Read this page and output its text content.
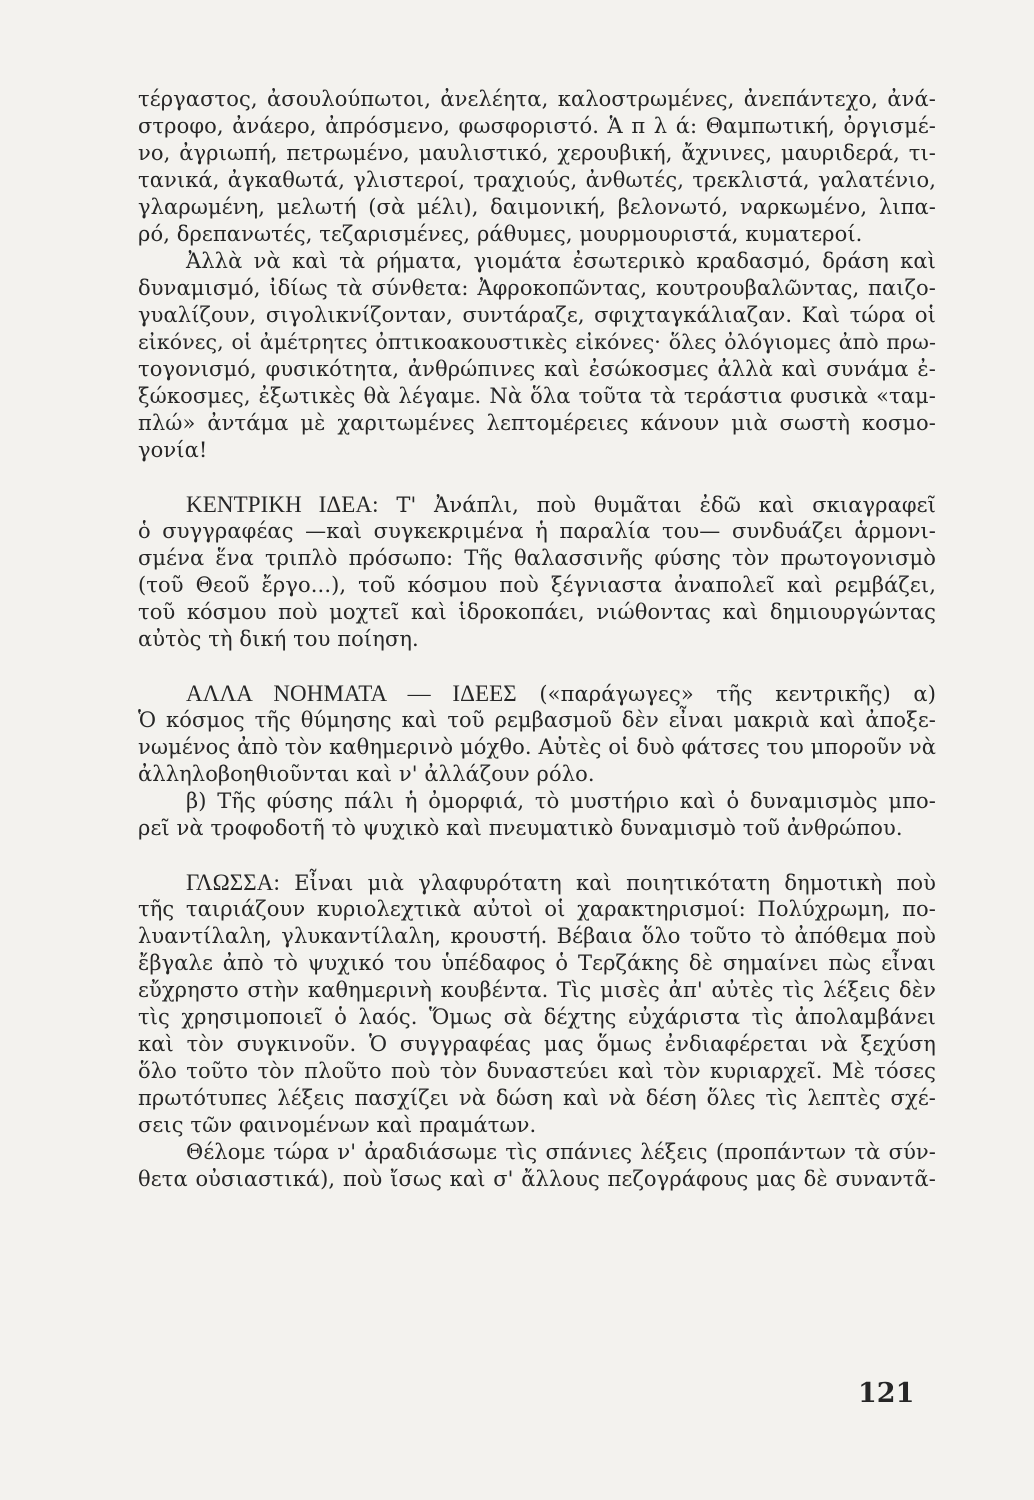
τέργαστος, ἀσουλούπωτοι, ἀνελέητα, καλοστρωμένες, ἀνεπάντεχο, ἀνά-
στροφο, ἀνάερο, ἀπρόσμενο, φωσφοριστό. Ἁ π λ ά: Θαμπωτική, ὀργισμέ-
νο, ἀγριωπή, πετρωμένο, μαυλιστικό, χερουβική, ἄχνινες, μαυριδερά, τι-
τανικά, ἀγκαθωτά, γλιστεροί, τραχιούς, ἀνθωτές, τρεκλιστά, γαλατένιο,
γλαρωμένη, μελωτή (σὰ μέλι), δαιμονική, βελονωτό, ναρκωμένο, λιπα-
ρό, δρεπανωτές, τεζαρισμένες, ράθυμες, μουρμουριστά, κυματεροί.
Ἀλλὰ νὰ καὶ τὰ ρήματα, γιομάτα ἐσωτερικὸ κραδασμό, δράση καὶ
δυναμισμό, ἰδίως τὰ σύνθετα: Ἀφροκοπῶντας, κουτρουβαλῶντας, παιζο-
γυαλίζουν, σιγολικνίζονταν, συντάραζε, σφιχταγκάλιαζαν. Καὶ τώρα οἱ
εἰκόνες, οἱ ἀμέτρητες ὀπτικοακουστικὲς εἰκόνες· ὅλες ὀλόγιομες ἀπὸ πρω-
τογονισμό, φυσικότητα, ἀνθρώπινες καὶ ἐσώκοσμες ἀλλὰ καὶ συνάμα ἐ-
ξώκοσμες, ἐξωτικὲς θὰ λέγαμε. Νὰ ὅλα τοῦτα τὰ τεράστια φυσικὰ «ταμ-
πλώ» ἀντάμα μὲ χαριτωμένες λεπτομέρειες κάνουν μιὰ σωστὴ κοσμο-
γονία!
ΚΕΝΤΡΙΚΗ ΙΔΕΑ: Τ' Ἀνάπλι, ποὺ θυμᾶται ἐδῶ καὶ σκιαγραφεῖ
ὁ συγγραφέας —καὶ συγκεκριμένα ἡ παραλία του— συνδυάζει ἁρμονι-
σμένα ἕνα τριπλὸ πρόσωπο: Τῆς θαλασσινῆς φύσης τὸν πρωτογονισμὸ
(τοῦ Θεοῦ ἔργο...), τοῦ κόσμου ποὺ ξέγνιαστα ἀναπολεῖ καὶ ρεμβάζει,
τοῦ κόσμου ποὺ μοχτεῖ καὶ ἱδροκοπάει, νιώθοντας καὶ δημιουργώντας
αὐτὸς τὴ δική του ποίηση.
ΑΛΛΑ ΝΟΗΜΑΤΑ — ΙΔΕΕΣ («παράγωγες» τῆς κεντρικῆς) α)
Ὁ κόσμος τῆς θύμησης καὶ τοῦ ρεμβασμοῦ δὲν εἶναι μακριὰ καὶ ἀποξε-
νωμένος ἀπὸ τὸν καθημερινὸ μόχθο. Αὐτὲς οἱ δυὸ φάτσες του μποροῦν νὰ
ἀλληλοβοηθιοῦνται καὶ ν' ἀλλάζουν ρόλο.
β) Τῆς φύσης πάλι ἡ ὀμορφιά, τὸ μυστήριο καὶ ὁ δυναμισμὸς μπο-
ρεῖ νὰ τροφοδοτῆ τὸ ψυχικὸ καὶ πνευματικὸ δυναμισμὸ τοῦ ἀνθρώπου.
ΓΛΩΣΣΑ: Εἶναι μιὰ γλαφυρότατη καὶ ποιητικότατη δημοτικὴ ποὺ
τῆς ταιριάζουν κυριολεχτικὰ αὐτοὶ οἱ χαρακτηρισμοί: Πολύχρωμη, πο-
λυαντίλαλη, γλυκαντίλαλη, κρουστή. Βέβαια ὅλο τοῦτο τὸ ἀπόθεμα ποὺ
ἔβγαλε ἀπὸ τὸ ψυχικό του ὑπέδαφος ὁ Τερζάκης δὲ σημαίνει πὼς εἶναι
εὔχρηστο στὴν καθημερινὴ κουβέντα. Τὶς μισὲς ἀπ' αὐτὲς τὶς λέξεις δὲν
τὶς χρησιμοποιεῖ ὁ λαός. Ὅμως σὰ δέχτης εὐχάριστα τὶς ἀπολαμβάνει
καὶ τὸν συγκινοῦν. Ὁ συγγραφέας μας ὅμως ἐνδιαφέρεται νὰ ξεχύση
ὅλο τοῦτο τὸν πλοῦτο ποὺ τὸν δυναστεύει καὶ τὸν κυριαρχεῖ. Μὲ τόσες
πρωτότυπες λέξεις πασχίζει νὰ δώση καὶ νὰ δέση ὅλες τὶς λεπτὲς σχέ-
σεις τῶν φαινομένων καὶ πραμάτων.
Θέλομε τώρα ν' ἀραδιάσωμε τὶς σπάνιες λέξεις (προπάντων τὰ σύν-
θετα οὐσιαστικά), ποὺ ἴσως καὶ σ' ἄλλους πεζογράφους μας δὲ συναντᾶ-
121
